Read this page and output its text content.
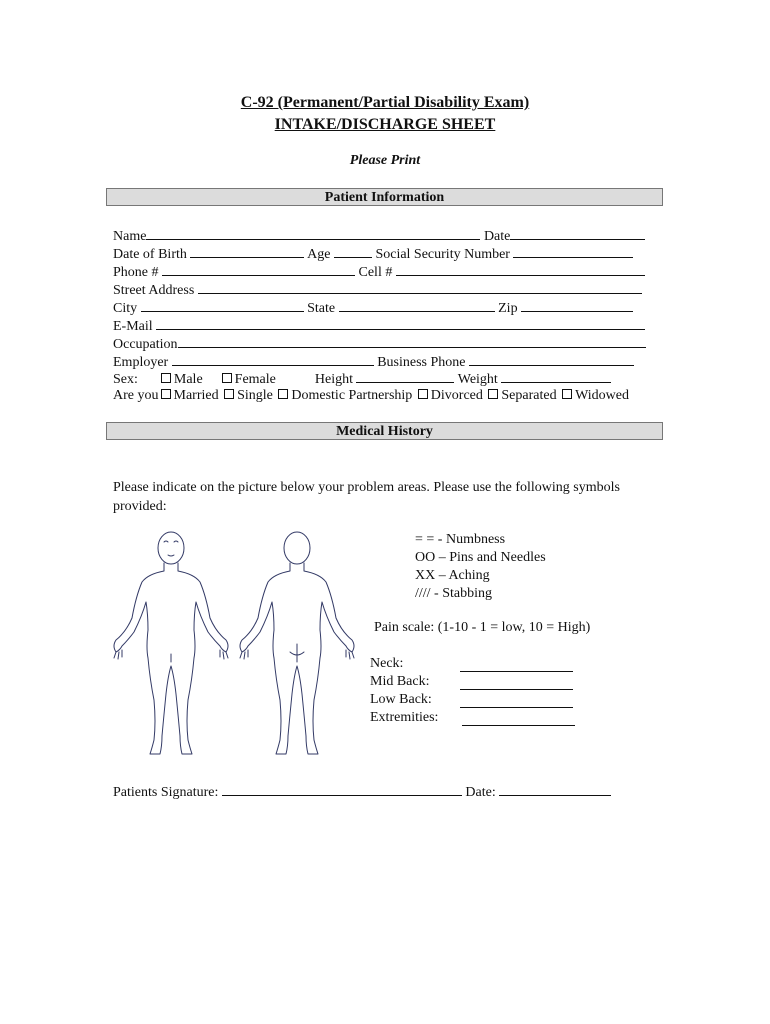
C-92 (Permanent/Partial Disability Exam)
INTAKE/DISCHARGE SHEET
Please Print
Patient Information
Name	Date
Date of Birth	Age	Social Security Number
Phone #	Cell #
Street Address
City	State	Zip
E-Mail
Occupation
Employer	Business Phone
Sex:	Male Female	Height	Weight
Are you Married Single Domestic Partnership Divorced Separated Widowed
Medical History
Please indicate on the picture below your problem areas. Please use the following symbols provided:
= = - Numbness
OO – Pins and Needles
XX – Aching
//// - Stabbing
Pain scale: (1-10 - 1 = low, 10 = High)
Neck:
Mid Back:
Low Back:
Extremities:
Patients Signature:	Date:
